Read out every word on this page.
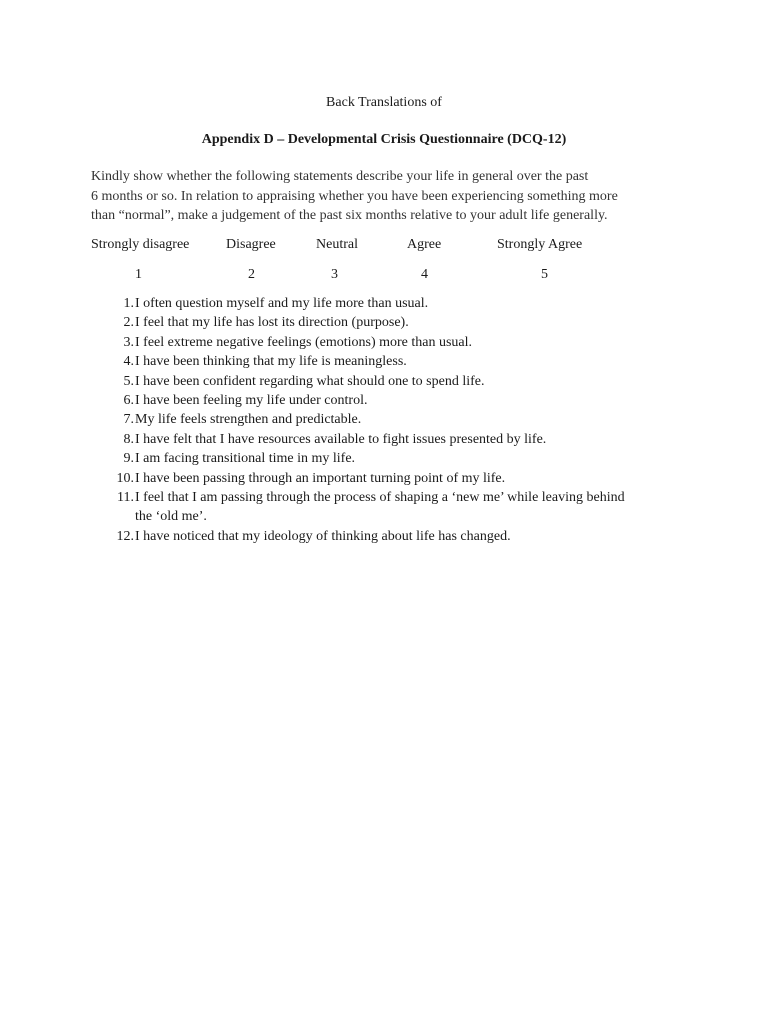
Back Translations of
Appendix D – Developmental Crisis Questionnaire (DCQ-12)
Kindly show whether the following statements describe your life in general over the past
6 months or so. In relation to appraising whether you have been experiencing something more
than “normal”, make a judgement of the past six months relative to your adult life generally.
Strongly disagree	Disagree	Neutral	Agree	Strongly Agree
1	2	3	4	5
1. I often question myself and my life more than usual.
2. I feel that my life has lost its direction (purpose).
3. I feel extreme negative feelings (emotions) more than usual.
4. I have been thinking that my life is meaningless.
5. I have been confident regarding what should one to spend life.
6. I have been feeling my life under control.
7. My life feels strengthen and predictable.
8. I have felt that I have resources available to fight issues presented by life.
9. I am facing transitional time in my life.
10. I have been passing through an important turning point of my life.
11. I feel that I am passing through the process of shaping a ‘new me’ while leaving behind
the ‘old me’.
12. I have noticed that my ideology of thinking about life has changed.
